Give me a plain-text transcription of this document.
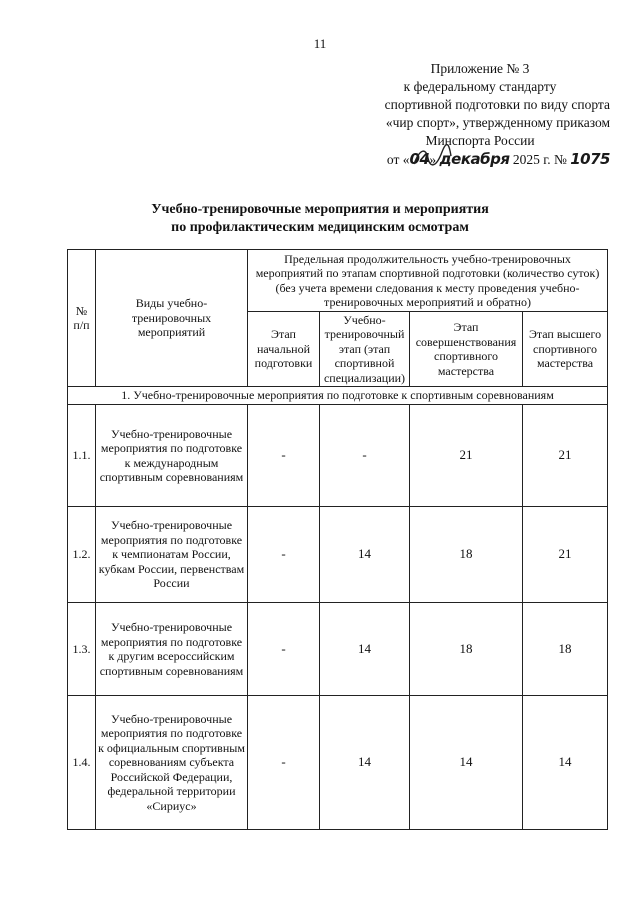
11
Приложение № 3
к федеральному стандарту
спортивной подготовки по виду спорта
«чир спорт», утвержденному приказом
Минспорта России
от «04» декабря 2025 г. № 1075
Учебно-тренировочные мероприятия и мероприятия
по профилактическим медицинским осмотрам
№ п/п	Виды учебно-тренировочных мероприятий	Предельная продолжительность учебно-тренировочных мероприятий по этапам спортивной подготовки (количество суток) (без учета времени следования к месту проведения учебно-тренировочных мероприятий и обратно)			
		Этап начальной подготовки	Учебно-тренировочный этап (этап спортивной специализации)	Этап совершенствования спортивного мастерства	Этап высшего спортивного мастерства
1. Учебно-тренировочные мероприятия по подготовке к спортивным соревнованиям					
1.1.	Учебно-тренировочные мероприятия по подготовке к международным спортивным соревнованиям	-	-	21	21
1.2.	Учебно-тренировочные мероприятия по подготовке к чемпионатам России, кубкам России, первенствам России	-	14	18	21
1.3.	Учебно-тренировочные мероприятия по подготовке к другим всероссийским спортивным соревнованиям	-	14	18	18
1.4.	Учебно-тренировочные мероприятия по подготовке к официальным спортивным соревнованиям субъекта Российской Федерации, федеральной территории «Сириус»	-	14	14	14
